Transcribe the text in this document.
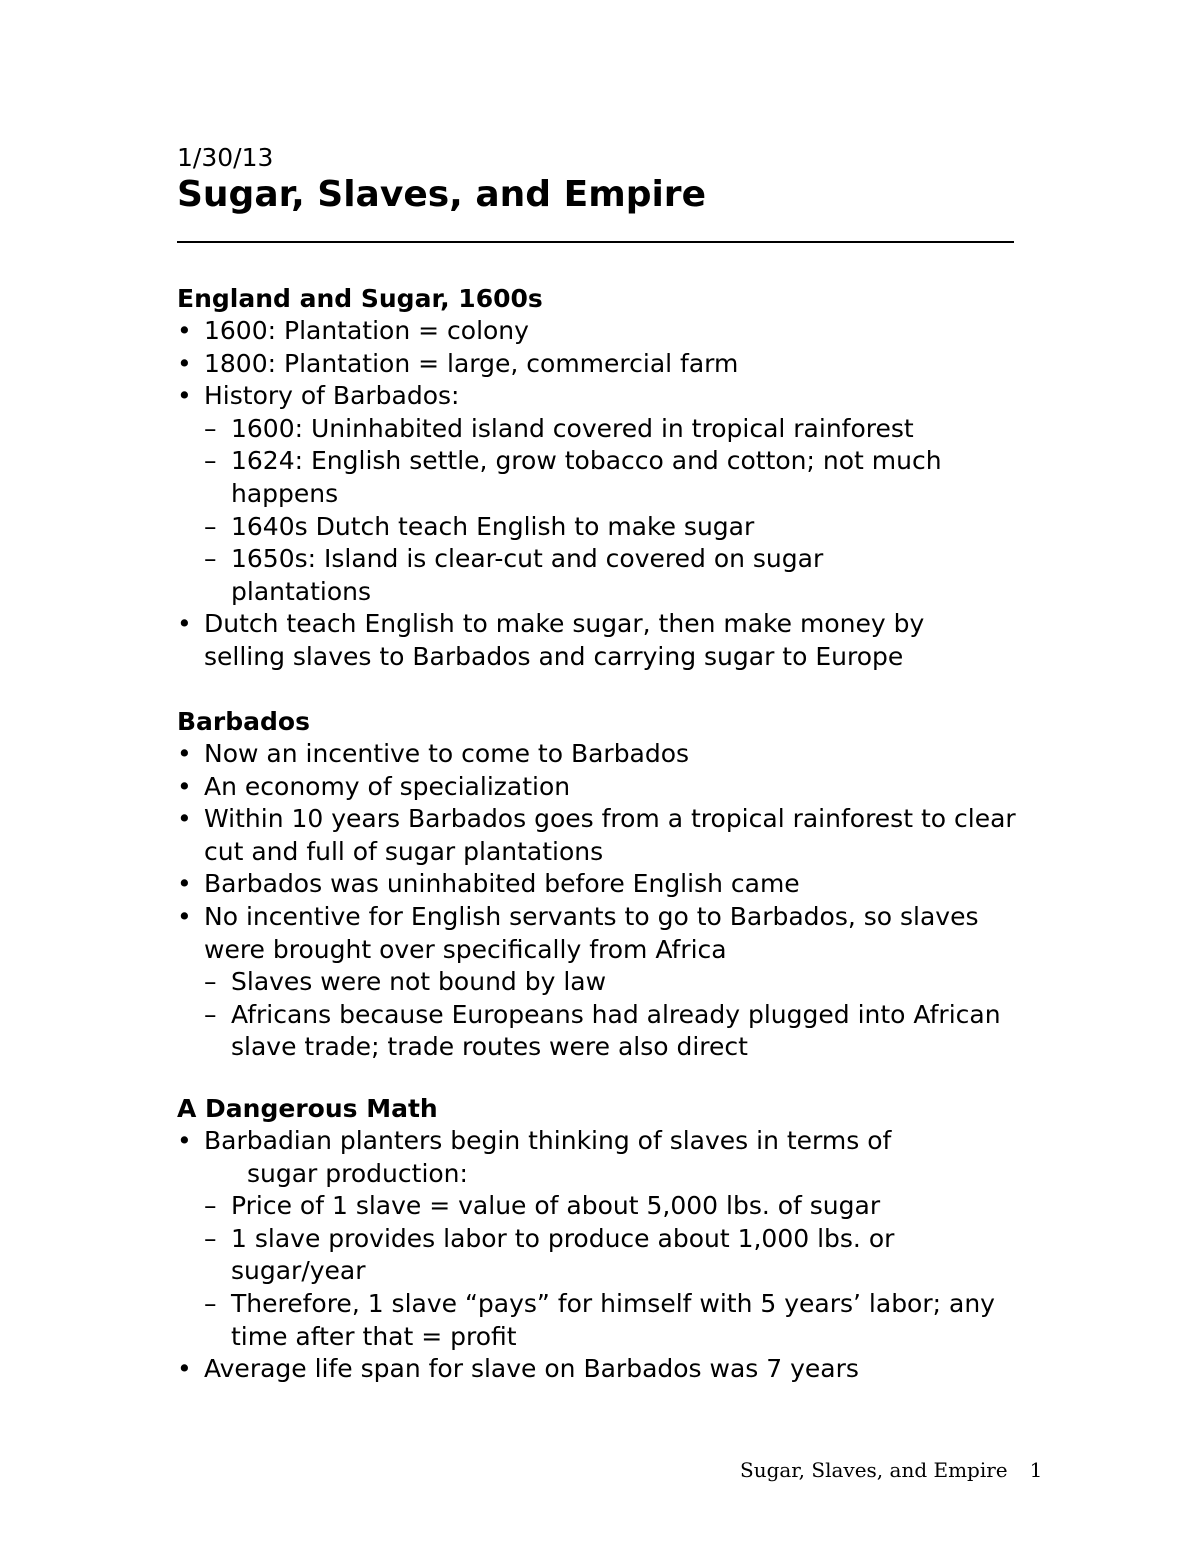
1/30/13
Sugar, Slaves, and Empire
England and Sugar, 1600s
• 1600: Plantation = colony
• 1800: Plantation = large, commercial farm
• History of Barbados:
– 1600: Uninhabited island covered in tropical rainforest
– 1624: English settle, grow tobacco and cotton; not much happens
– 1640s Dutch teach English to make sugar
– 1650s: Island is clear-cut and covered on sugar plantations
• Dutch teach English to make sugar, then make money by selling slaves to Barbados and carrying sugar to Europe
Barbados
• Now an incentive to come to Barbados
• An economy of specialization
• Within 10 years Barbados goes from a tropical rainforest to clear cut and full of sugar plantations
• Barbados was uninhabited before English came
• No incentive for English servants to go to Barbados, so slaves were brought over specifically from Africa
– Slaves were not bound by law
– Africans because Europeans had already plugged into African slave trade; trade routes were also direct
A Dangerous Math
• Barbadian planters begin thinking of slaves in terms of
sugar production:
– Price of 1 slave = value of about 5,000 lbs. of sugar
– 1 slave provides labor to produce about 1,000 lbs. or sugar/year
– Therefore, 1 slave “pays” for himself with 5 years’ labor; any time after that = profit
• Average life span for slave on Barbados was 7 years
Sugar, Slaves, and Empire 1
